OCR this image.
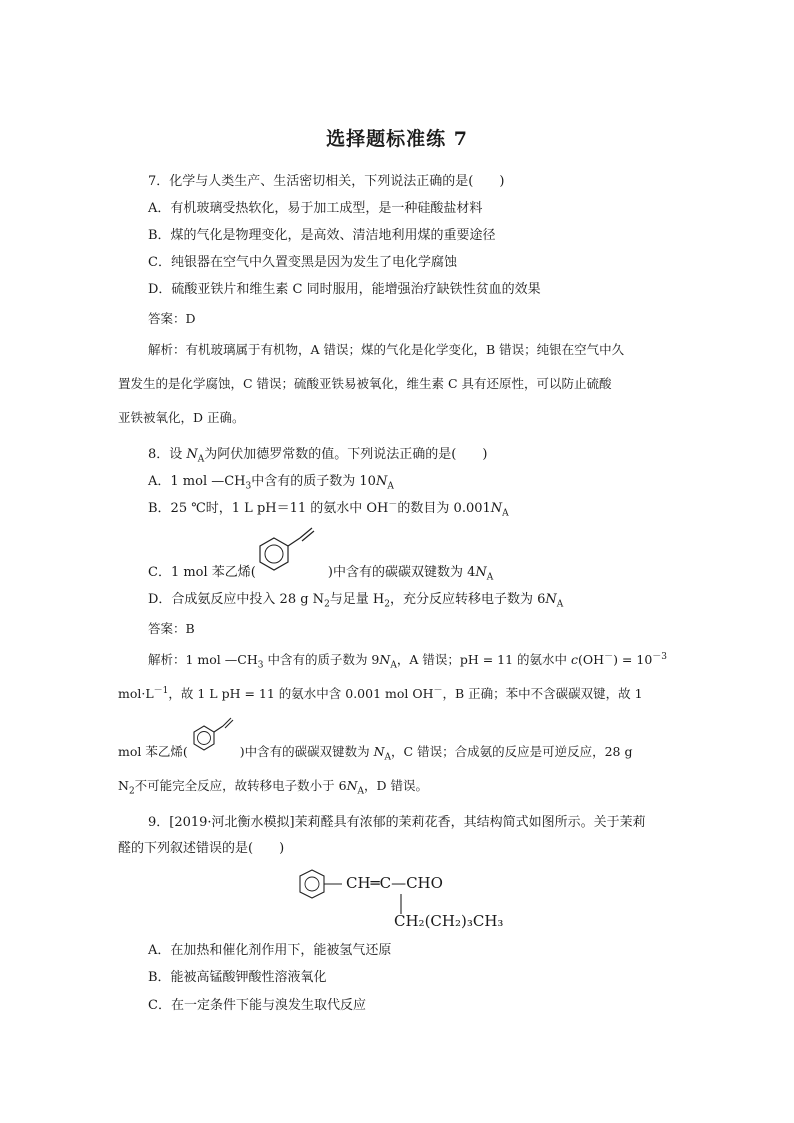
选择题标准练 7
7．化学与人类生产、生活密切相关，下列说法正确的是(　　)
A．有机玻璃受热软化，易于加工成型，是一种硅酸盐材料
B．煤的气化是物理变化，是高效、清洁地利用煤的重要途径
C．纯银器在空气中久置变黑是因为发生了电化学腐蚀
D．硫酸亚铁片和维生素 C 同时服用，能增强治疗缺铁性贫血的效果
答案：D
解析：有机玻璃属于有机物，A 错误；煤的气化是化学变化，B 错误；纯银在空气中久
置发生的是化学腐蚀，C 错误；硫酸亚铁易被氧化，维生素 C 具有还原性，可以防止硫酸
亚铁被氧化，D 正确。
8．设 $N_A$为阿伏加德罗常数的值。下列说法正确的是(　　)
A．1 mol $—CH_3$中含有的质子数为 $10N_A$
B．25 ℃时，1 L pH＝11 的氨水中 OH－的数目为 $0.001N_A$
C．1 mol 苯乙烯(	)中含有的碳碳双键数为 $4N_A$
D．合成氨反应中投入 28 g $N_2$与足量 $H_2$，充分反应转移电子数为 $6N_A$
答案：B
解析：1 mol $—CH_3$ 中含有的质子数为 $9N_A$，A 错误；pH = 11 的氨水中 $c(OH^-) = 10^{-3}$
$mol\cdot L^{-1}$，故 1 L pH = 11 的氨水中含 0.001 mol OH－，B 正确；苯中不含碳碳双键，故 1
mol 苯乙烯(	)中含有的碳碳双键数为 $N_A$，C 错误；合成氨的反应是可逆反应，28 g
$N_2$不可能完全反应，故转移电子数小于 $6N_A$，D 错误。
9．[2019·河北衡水模拟]茉莉醛具有浓郁的茉莉花香，其结构简式如图所示。关于茉莉
醛的下列叙述错误的是(　　)
CH═C—CHO
CH₂(CH₂)₃CH₃
A．在加热和催化剂作用下，能被氢气还原
B．能被高锰酸钾酸性溶液氧化
C．在一定条件下能与溴发生取代反应
